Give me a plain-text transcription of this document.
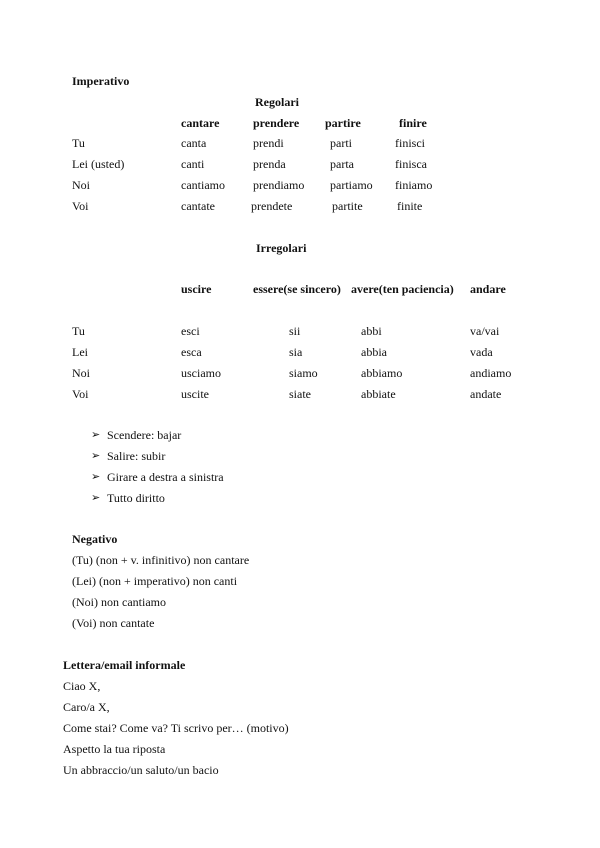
Imperativo
Regolari
cantare	prendere partire	finire
Tu	canta	prendi	parti	finisci
Lei (usted)	canti	prenda	parta	finisca
Noi	cantiamo prendiamo partiamo finiamo
Voi	cantate	prendete	partite	finite
Irregolari
uscire	essere(se sincero) avere(ten paciencia) andare
Tu	esci	sii	abbi	va/vai
Lei	esca	sia	abbia	vada
Noi	usciamo	siamo	abbiamo	andiamo
Voi	uscite	siate	abbiate	andate
➢ Scendere: bajar
➢ Salire: subir
➢ Girare a destra a sinistra
➢ Tutto diritto
Negativo
(Tu) (non + v. infinitivo) non cantare
(Lei) (non + imperativo) non canti
(Noi) non cantiamo
(Voi) non cantate
Lettera/email informale
Ciao X,
Caro/a X,
Come stai? Come va? Ti scrivo per… (motivo)
Aspetto la tua riposta
Un abbraccio/un saluto/un bacio
